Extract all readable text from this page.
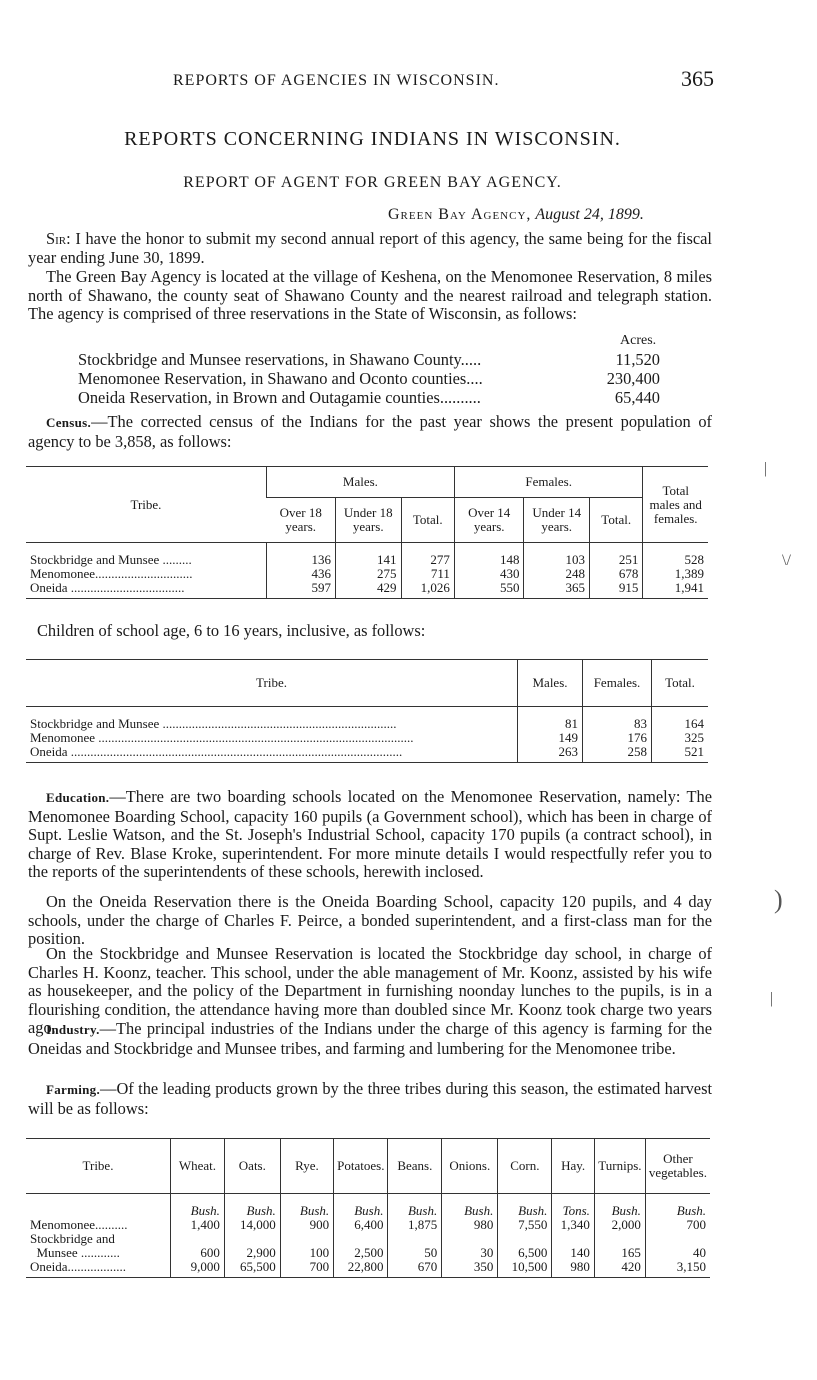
REPORTS OF AGENCIES IN WISCONSIN.	365
REPORTS CONCERNING INDIANS IN WISCONSIN.
REPORT OF AGENT FOR GREEN BAY AGENCY.
Green Bay Agency, August 24, 1899.

Sir: I have the honor to submit my second annual report of this agency, the same being for the fiscal year ending June 30, 1899.

The Green Bay Agency is located at the village of Keshena, on the Menomonee Reservation, 8 miles north of Shawano, the county seat of Shawano County and the nearest railroad and telegraph station. The agency is comprised of three reservations in the State of Wisconsin, as follows:

Acres.
Stockbridge and Munsee reservations, in Shawano County.....	11,520
Menomonee Reservation, in Shawano and Oconto counties....	230,400
Oneida Reservation, in Brown and Outagamie counties..........	65,440

Census.—The corrected census of the Indians for the past year shows the present population of agency to be 3,858, as follows:

Tribe.	Males.			Females.			Total males and females.
	Over 18 years.	Under 18 years.	Total.	Over 14 years.	Under 14 years.	Total.	

Stockbridge and Munsee .........	136	141	277	148	103	251	528
Menomonee..............................	436	275	711	430	248	678	1,389
Oneida ...................................	597	429	1,026	550	365	915	1,941

Children of school age, 6 to 16 years, inclusive, as follows:

Tribe.	Males.	Females.	Total.

Stockbridge and Munsee ........................................................................	81	83	164
Menomonee .................................................................................................	149	176	325
Oneida ......................................................................................................	263	258	521

Education.—There are two boarding schools located on the Menomonee Reservation, namely: The Menomonee Boarding School, capacity 160 pupils (a Government school), which has been in charge of Supt. Leslie Watson, and the St. Joseph's Industrial School, capacity 170 pupils (a contract school), in charge of Rev. Blase Kroke, superintendent. For more minute details I would respectfully refer you to the reports of the superintendents of these schools, herewith inclosed.

On the Oneida Reservation there is the Oneida Boarding School, capacity 120 pupils, and 4 day schools, under the charge of Charles F. Peirce, a bonded superintendent, and a first-class man for the position.

On the Stockbridge and Munsee Reservation is located the Stockbridge day school, in charge of Charles H. Koonz, teacher. This school, under the able management of Mr. Koonz, assisted by his wife as housekeeper, and the policy of the Department in furnishing noonday lunches to the pupils, is in a flourishing condition, the attendance having more than doubled since Mr. Koonz took charge two years ago.

Industry.—The principal industries of the Indians under the charge of this agency is farming for the Oneidas and Stockbridge and Munsee tribes, and farming and lumbering for the Menomonee tribe.

Farming.—Of the leading products grown by the three tribes during this season, the estimated harvest will be as follows:

Tribe.	Wheat.	Oats.	Rye.	Potatoes.	Beans.	Onions.	Corn.	Hay.	Turnips.	Other vegetables.

	Bush.	Bush.	Bush.	Bush.	Bush.	Bush.	Bush.	Tons.	Bush.	Bush.
Menomonee..........	1,400	14,000	900	6,400	1,875	980	7,550	1,340	2,000	700
Stockbridge and										
Munsee ............	600	2,900	100	2,500	50	30	6,500	140	165	40
Oneida..................	9,000	65,500	700	22,800	670	350	10,500	980	420	3,150
|
\/
)
|
